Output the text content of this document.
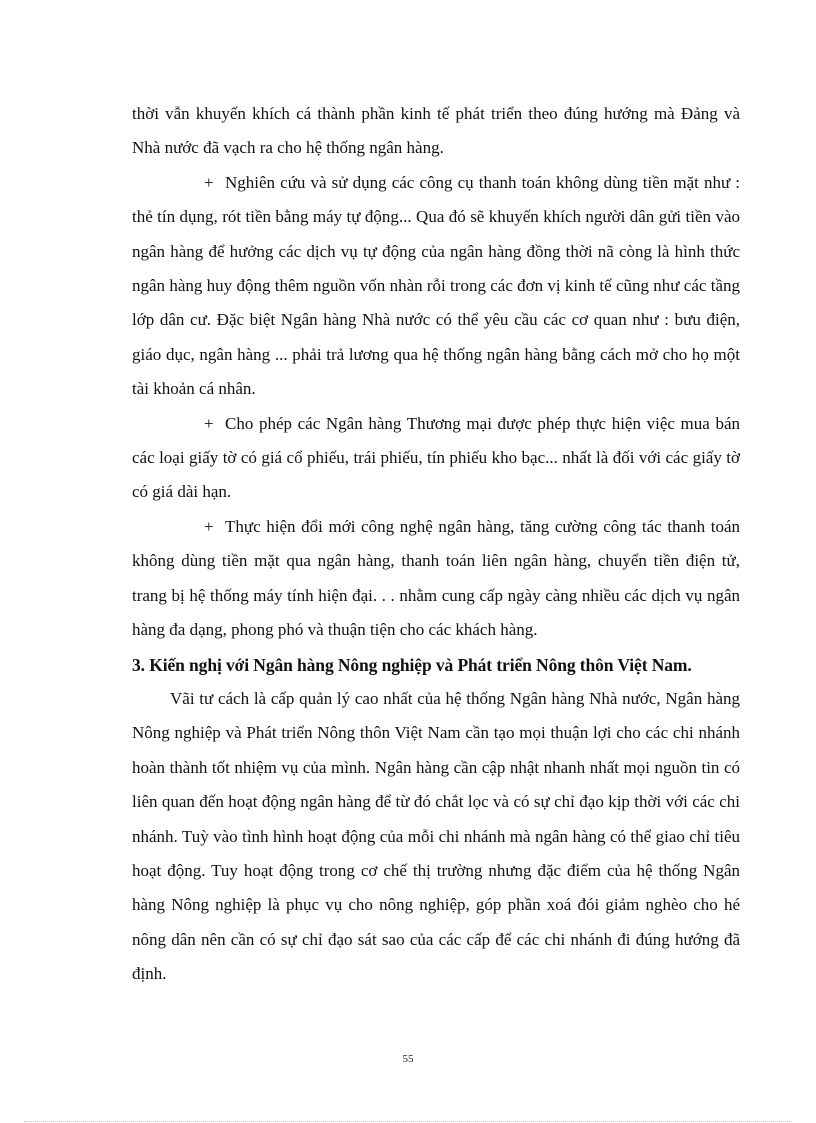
thời vẫn khuyến khích cá thành phần kinh tế phát triển theo đúng hướng mà Đảng và Nhà nước đã vạch ra cho hệ thống ngân hàng.

+ Nghiên cứu và sử dụng các công cụ thanh toán không dùng tiền mặt như : thẻ tín dụng, rót tiền bằng máy tự động... Qua đó sẽ khuyến khích người dân gửi tiền vào ngân hàng để hưởng các dịch vụ tự động của ngân hàng đồng thời nã còng là hình thức ngân hàng huy động thêm nguồn vốn nhàn rỗi trong các đơn vị kinh tế cũng như các tầng lớp dân cư. Đặc biệt Ngân hàng Nhà nước có thể yêu cầu các cơ quan như : bưu điện, giáo dục, ngân hàng ... phải trả lương qua hệ thống ngân hàng bằng cách mở cho họ một tài khoản cá nhân.

+ Cho phép các Ngân hàng Thương mại được phép thực hiện việc mua bán các loại giấy tờ có giá cổ phiếu, trái phiếu, tín phiếu kho bạc... nhất là đối với các giấy tờ có giá dài hạn.

+ Thực hiện đổi mới công nghệ ngân hàng, tăng cường công tác thanh toán không dùng tiền mặt qua ngân hàng, thanh toán liên ngân hàng, chuyển tiền điện tử, trang bị hệ thống máy tính hiện đại. . . nhằm cung cấp ngày càng nhiều các dịch vụ ngân hàng đa dạng, phong phó và thuận tiện cho các khách hàng.

3. Kiến nghị với Ngân hàng Nông nghiệp và Phát triển Nông thôn Việt Nam.

Vãi tư cách là cấp quản lý cao nhất của hệ thống Ngân hàng Nhà nước, Ngân hàng Nông nghiệp và Phát triển Nông thôn Việt Nam cần tạo mọi thuận lợi cho các chi nhánh hoàn thành tốt nhiệm vụ của mình. Ngân hàng cần cập nhật nhanh nhất mọi nguồn tin có liên quan đến hoạt động ngân hàng để từ đó chắt lọc và có sự chỉ đạo kịp thời với các chi nhánh. Tuỳ vào tình hình hoạt động của mỗi chi nhánh mà ngân hàng có thể giao chỉ tiêu hoạt động. Tuy hoạt động trong cơ chế thị trường nhưng đặc điểm của hệ thống Ngân hàng Nông nghiệp là phục vụ cho nông nghiệp, góp phần xoá đói giảm nghèo cho hé nông dân nên cần có sự chỉ đạo sát sao của các cấp để các chi nhánh đi đúng hướng đã định.

55
